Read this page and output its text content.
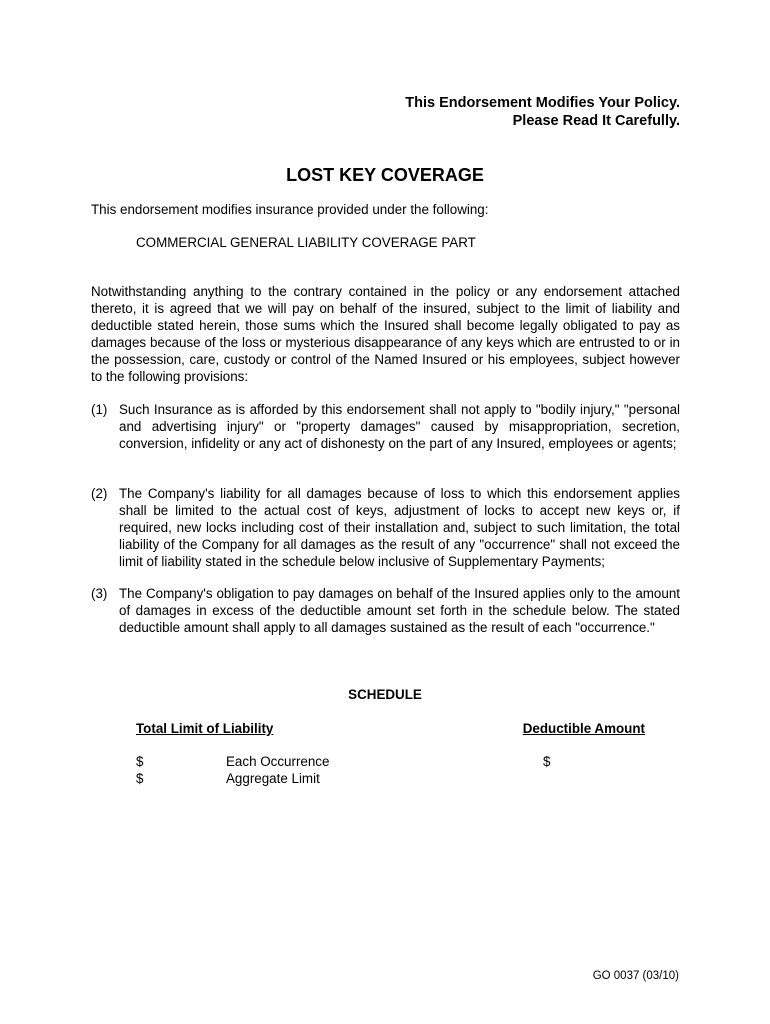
This Endorsement Modifies Your Policy.
Please Read It Carefully.
LOST KEY COVERAGE
This endorsement modifies insurance provided under the following:
COMMERCIAL GENERAL LIABILITY COVERAGE PART
Notwithstanding anything to the contrary contained in the policy or any endorsement attached thereto, it is agreed that we will pay on behalf of the insured, subject to the limit of liability and deductible stated herein, those sums which the Insured shall become legally obligated to pay as damages because of the loss or mysterious disappearance of any keys which are entrusted to or in the possession, care, custody or control of the Named Insured or his employees, subject however to the following provisions:
(1) Such Insurance as is afforded by this endorsement shall not apply to "bodily injury," "personal and advertising injury" or "property damages" caused by misappropriation, secretion, conversion, infidelity or any act of dishonesty on the part of any Insured, employees or agents;
(2) The Company's liability for all damages because of loss to which this endorsement applies shall be limited to the actual cost of keys, adjustment of locks to accept new keys or, if required, new locks including cost of their installation and, subject to such limitation, the total liability of the Company for all damages as the result of any "occurrence" shall not exceed the limit of liability stated in the schedule below inclusive of Supplementary Payments;
(3) The Company's obligation to pay damages on behalf of the Insured applies only to the amount of damages in excess of the deductible amount set forth in the schedule below. The stated deductible amount shall apply to all damages sustained as the result of each "occurrence."
SCHEDULE
Total Limit of Liability	Deductible Amount
$	Each Occurrence	$
$	Aggregate Limit
GO 0037 (03/10)
